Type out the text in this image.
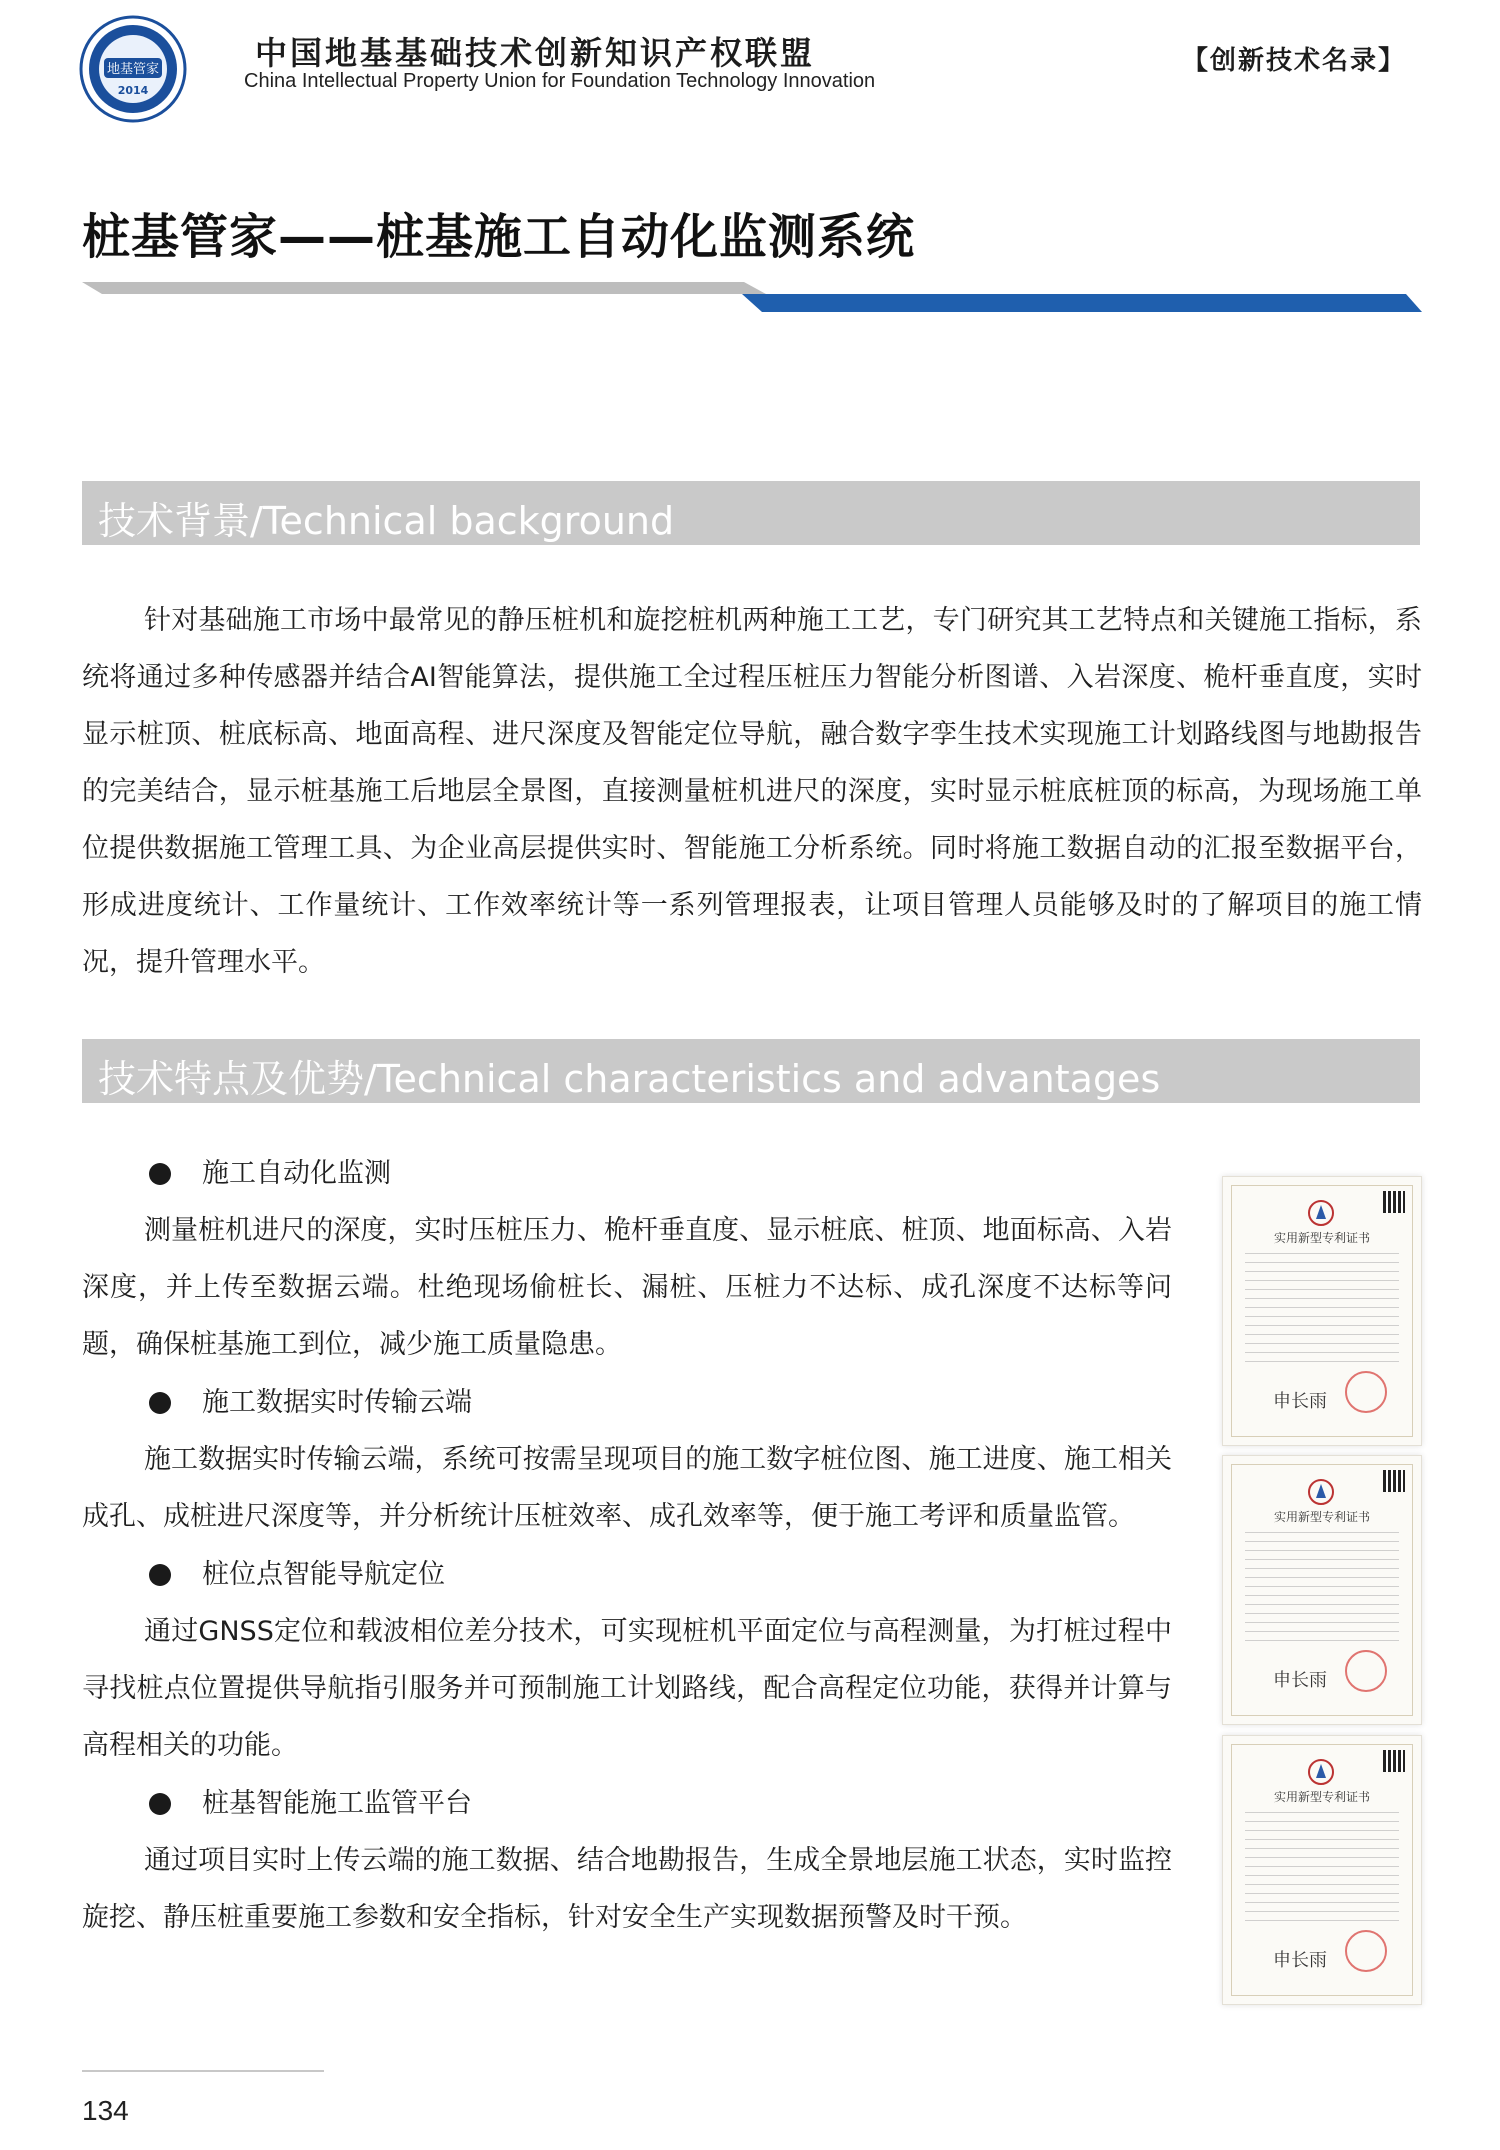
地基管家
2014
中国地基基础技术创新知识产权联盟
China Intellectual Property Union for Foundation Technology Innovation
【创新技术名录】
桩基管家——桩基施工自动化监测系统
技术背景/Technical background

针对基础施工市场中最常见的静压桩机和旋挖桩机两种施工工艺，专门研究其工艺特点和关键施工指标，系统将通过多种传感器并结合AI智能算法，提供施工全过程压桩压力智能分析图谱、入岩深度、桅杆垂直度，实时显示桩顶、桩底标高、地面高程、进尺深度及智能定位导航，融合数字孪生技术实现施工计划路线图与地勘报告的完美结合，显示桩基施工后地层全景图，直接测量桩机进尺的深度，实时显示桩底桩顶的标高，为现场施工单位提供数据施工管理工具、为企业高层提供实时、智能施工分析系统。同时将施工数据自动的汇报至数据平台，形成进度统计、工作量统计、工作效率统计等一系列管理报表，让项目管理人员能够及时的了解项目的施工情况，提升管理水平。

技术特点及优势/Technical characteristics and advantages
施工自动化监测

测量桩机进尺的深度，实时压桩压力、桅杆垂直度、显示桩底、桩顶、地面标高、入岩深度，并上传至数据云端。杜绝现场偷桩长、漏桩、压桩力不达标、成孔深度不达标等问题，确保桩基施工到位，减少施工质量隐患。

施工数据实时传输云端

施工数据实时传输云端，系统可按需呈现项目的施工数字桩位图、施工进度、施工相关成孔、成桩进尺深度等，并分析统计压桩效率、成孔效率等，便于施工考评和质量监管。

桩位点智能导航定位

通过GNSS定位和载波相位差分技术，可实现桩机平面定位与高程测量，为打桩过程中寻找桩点位置提供导航指引服务并可预制施工计划路线，配合高程定位功能，获得并计算与高程相关的功能。

桩基智能施工监管平台

通过项目实时上传云端的施工数据、结合地勘报告，生成全景地层施工状态，实时监控旋挖、静压桩重要施工参数和安全指标，针对安全生产实现数据预警及时干预。

实用新型专利证书
申长雨
实用新型专利证书
申长雨
实用新型专利证书
申长雨
134
